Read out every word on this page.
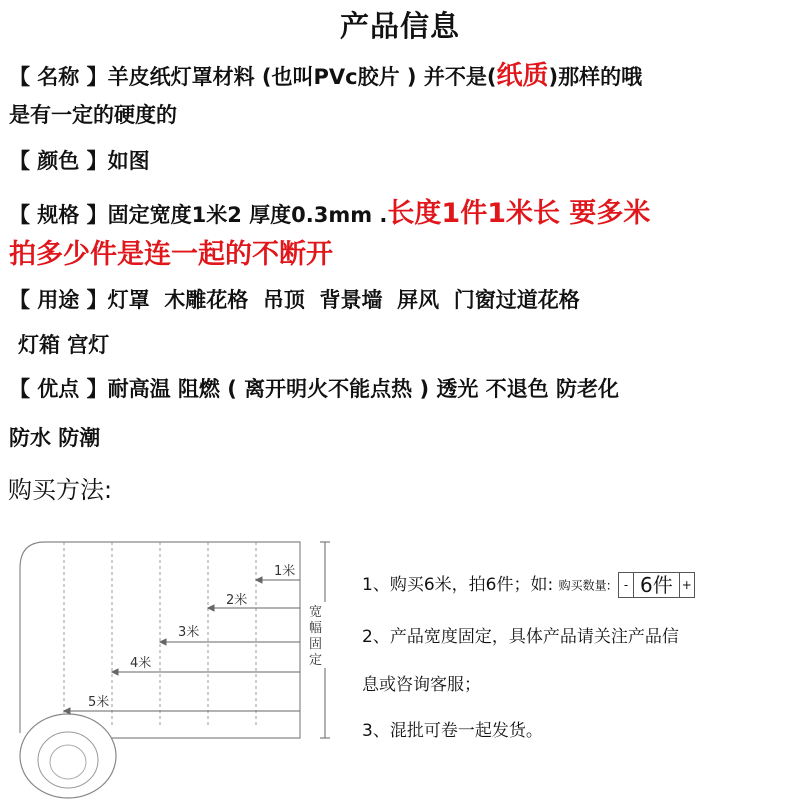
产品信息
【 名称 】羊皮纸灯罩材料 (也叫PVc胶片 ) 并不是(纸质)那样的哦
是有一定的硬度的
【 颜色 】如图
【 规格 】固定宽度1米2 厚度0.3mm .长度1件1米长 要多米
拍多少件是连一起的不断开
【 用途 】灯罩  木雕花格  吊顶  背景墙  屏风  门窗过道花格
灯箱 宫灯
【 优点 】耐高温 阻燃 ( 离开明火不能点热 ) 透光 不退色 防老化
防水 防潮
购买方法:
1米
2米
3米
4米
5米
宽
幅
固
定
1、购买6米，拍6件；如: 购买数量:	- 6件 +
2、产品宽度固定，具体产品请关注产品信
息或咨询客服；
3、混批可卷一起发货。
